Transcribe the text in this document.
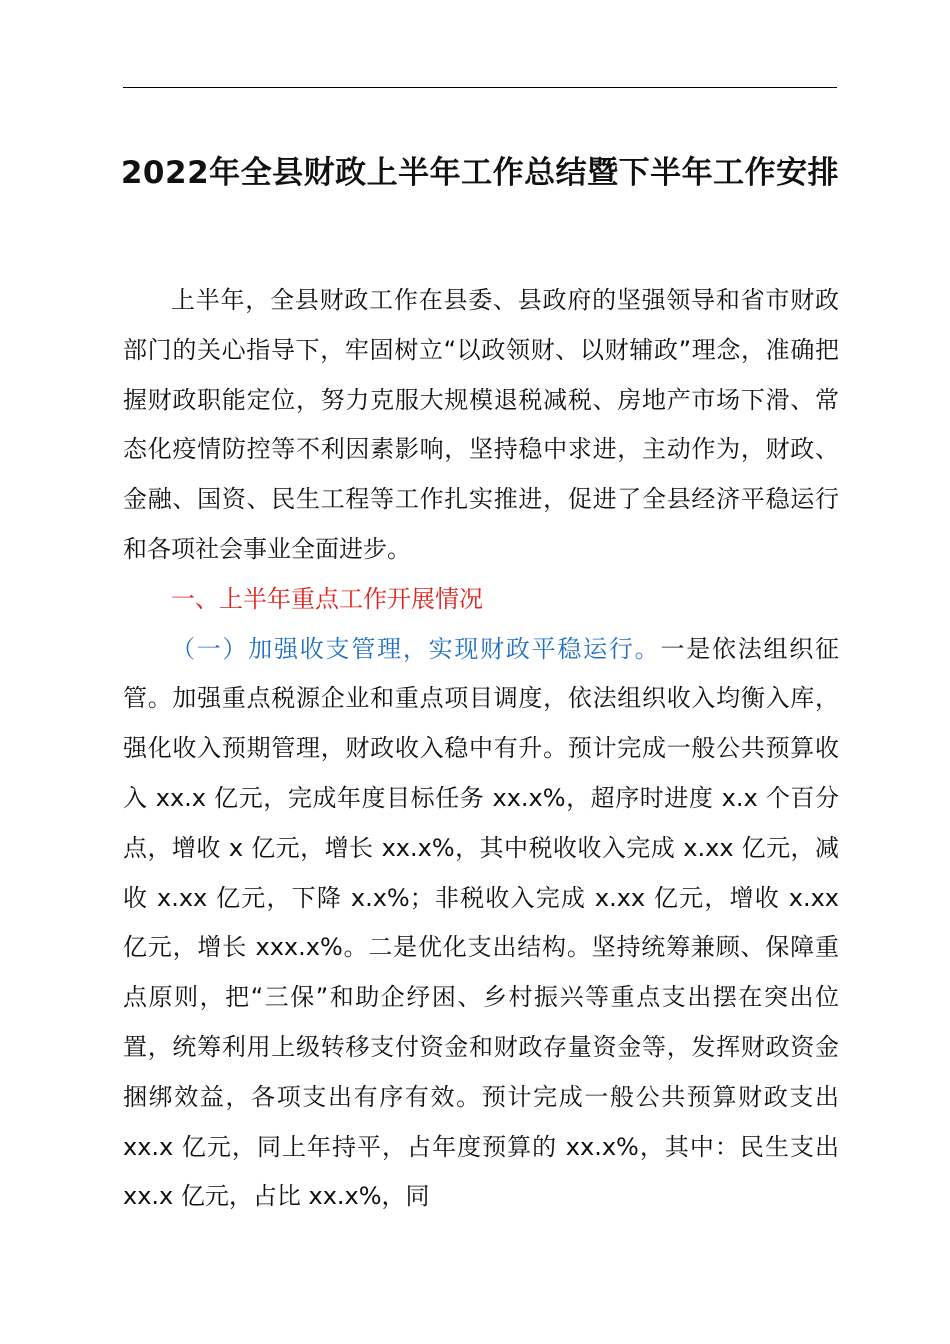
2022年全县财政上半年工作总结暨下半年工作安排

上半年，全县财政工作在县委、县政府的坚强领导和省市财政部门的关心指导下，牢固树立“以政领财、以财辅政”理念，准确把握财政职能定位，努力克服大规模退税减税、房地产市场下滑、常态化疫情防控等不利因素影响，坚持稳中求进，主动作为，财政、金融、国资、民生工程等工作扎实推进，促进了全县经济平稳运行和各项社会事业全面进步。

一、上半年重点工作开展情况

（一）加强收支管理，实现财政平稳运行。一是依法组织征管。加强重点税源企业和重点项目调度，依法组织收入均衡入库，强化收入预期管理，财政收入稳中有升。预计完成一般公共预算收入 xx.x 亿元，完成年度目标任务 xx.x%，超序时进度 x.x 个百分点，增收 x 亿元，增长 xx.x%，其中税收收入完成 x.xx 亿元，减收 x.xx 亿元，下降 x.x%；非税收入完成 x.xx 亿元，增收 x.xx 亿元，增长 xxx.x%。二是优化支出结构。坚持统筹兼顾、保障重点原则，把“三保”和助企纾困、乡村振兴等重点支出摆在突出位置，统筹利用上级转移支付资金和财政存量资金等，发挥财政资金捆绑效益，各项支出有序有效。预计完成一般公共预算财政支出 xx.x 亿元，同上年持平，占年度预算的 xx.x%，其中：民生支出 xx.x 亿元，占比 xx.x%，同
